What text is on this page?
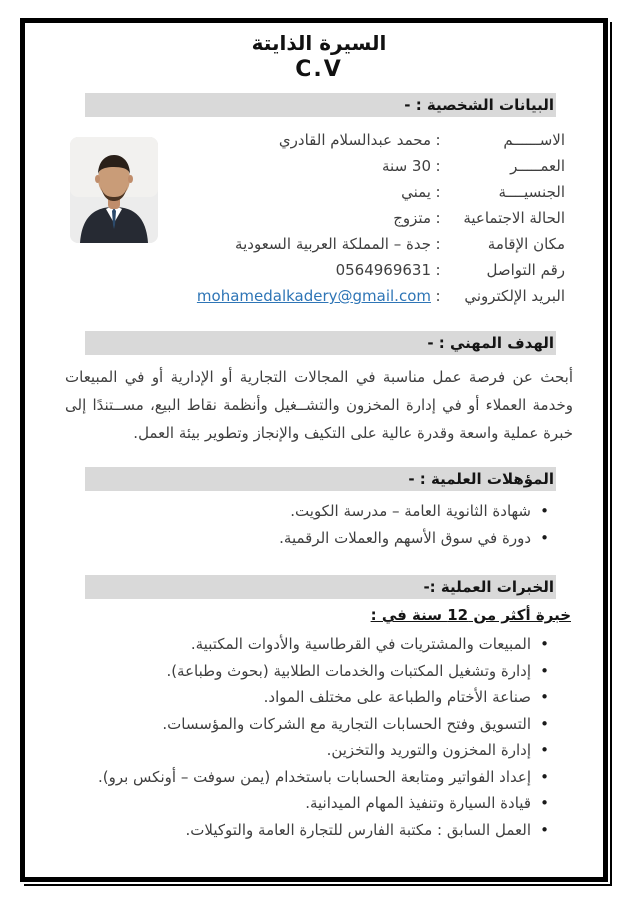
السيرة الذايتة
C.V
البيانات الشخصية : -
الاســــــم
:
محمد عبدالسلام القادري
العمـــــر
:
30 سنة
الجنسيــــة
:
يمني
الحالة الاجتماعية
:
متزوج
مكان الإقامة
:
جدة – المملكة العربية السعودية
رقم التواصل
:
0564969631
البريد الإلكتروني
:
mohamedalkadery@gmail.com
الهدف المهني : -
أبحث عن فرصة عمل مناسبة في المجالات التجارية أو الإدارية أو في المبيعات وخدمة العملاء أو في إدارة المخزون والتشــغيل وأنظمة نقاط البيع، مســتندًا إلى خبرة عملية واسعة وقدرة عالية على التكيف والإنجاز وتطوير بيئة العمل.
المؤهلات العلمية : -
• شهادة الثانوية العامة – مدرسة الكويت.
• دورة في سوق الأسهم والعملات الرقمية.
الخبرات العملية :-
خبرة أكثر من 12 سنة في :
• المبيعات والمشتريات في القرطاسية والأدوات المكتبية.
• إدارة وتشغيل المكتبات والخدمات الطلابية (بحوث وطباعة).
• صناعة الأختام والطباعة على مختلف المواد.
• التسويق وفتح الحسابات التجارية مع الشركات والمؤسسات.
• إدارة المخزون والتوريد والتخزين.
• إعداد الفواتير ومتابعة الحسابات باستخدام (يمن سوفت – أونكس برو).
• قيادة السيارة وتنفيذ المهام الميدانية.
• العمل السابق : مكتبة الفارس للتجارة العامة والتوكيلات.
